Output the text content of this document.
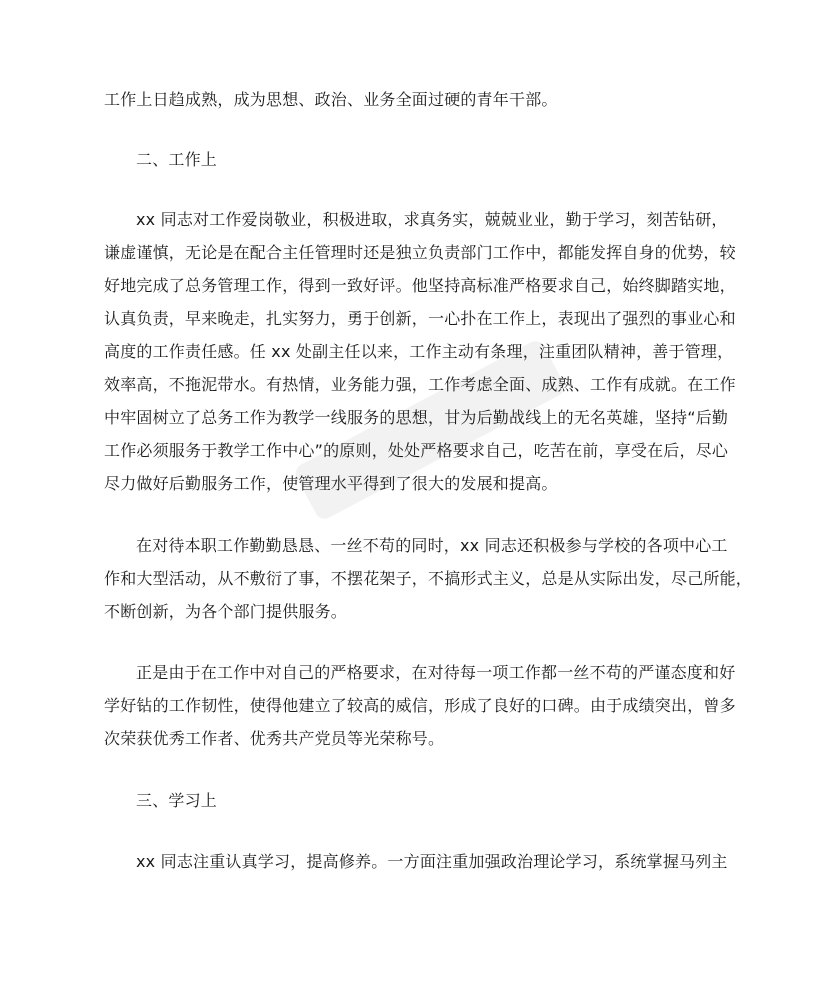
工作上日趋成熟，成为思想、政治、业务全面过硬的青年干部。
二、工作上
xx 同志对工作爱岗敬业，积极进取，求真务实，兢兢业业，勤于学习，刻苦钻研，
谦虚谨慎，无论是在配合主任管理时还是独立负责部门工作中，都能发挥自身的优势，较
好地完成了总务管理工作，得到一致好评。他坚持高标准严格要求自己，始终脚踏实地，
认真负责，早来晚走，扎实努力，勇于创新，一心扑在工作上，表现出了强烈的事业心和
高度的工作责任感。任 xx 处副主任以来，工作主动有条理，注重团队精神，善于管理，
效率高，不拖泥带水。有热情，业务能力强，工作考虑全面、成熟、工作有成就。在工作
中牢固树立了总务工作为教学一线服务的思想，甘为后勤战线上的无名英雄，坚持“后勤
工作必须服务于教学工作中心”的原则，处处严格要求自己，吃苦在前，享受在后，尽心
尽力做好后勤服务工作，使管理水平得到了很大的发展和提高。
在对待本职工作勤勤恳恳、一丝不苟的同时，xx 同志还积极参与学校的各项中心工
作和大型活动，从不敷衍了事，不摆花架子，不搞形式主义，总是从实际出发，尽己所能，
不断创新，为各个部门提供服务。
正是由于在工作中对自己的严格要求，在对待每一项工作都一丝不苟的严谨态度和好
学好钻的工作韧性，使得他建立了较高的威信，形成了良好的口碑。由于成绩突出，曾多
次荣获优秀工作者、优秀共产党员等光荣称号。
三、学习上
xx 同志注重认真学习，提高修养。一方面注重加强政治理论学习，系统掌握马列主
